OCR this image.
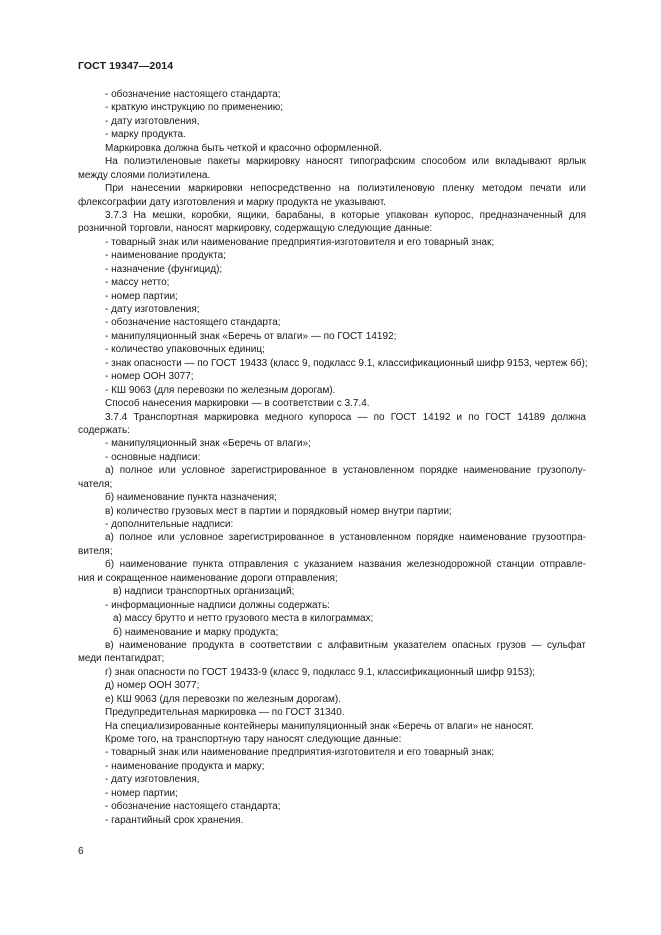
ГОСТ 19347—2014
- обозначение настоящего стандарта;
- краткую инструкцию по применению;
- дату изготовления,
- марку продукта.
Маркировка должна быть четкой и красочно оформленной.
На полиэтиленовые пакеты маркировку наносят типографским способом или вкладывают ярлык
между слоями полиэтилена.
При нанесении маркировки непосредственно на полиэтиленовую пленку методом печати или
флексографии дату изготовления и марку продукта не указывают.
3.7.3 На мешки, коробки, ящики, барабаны, в которые упакован купорос, предназначенный для
розничной торговли, наносят маркировку, содержащую следующие данные:
- товарный знак или наименование предприятия-изготовителя и его товарный знак;
- наименование продукта;
- назначение (фунгицид);
- массу нетто;
- номер партии;
- дату изготовления;
- обозначение настоящего стандарта;
- манипуляционный знак «Беречь от влаги» — по ГОСТ 14192;
- количество упаковочных единиц;
- знак опасности — по ГОСТ 19433 (класс 9, подкласс 9.1, классификационный шифр 9153, чертеж 6б);
- номер ООН 3077;
- КШ 9063 (для перевозки по железным дорогам).
Способ нанесения маркировки — в соответствии с 3.7.4.
3.7.4 Транспортная маркировка медного купороса — по ГОСТ 14192 и по ГОСТ 14189 должна
содержать:
- манипуляционный знак «Беречь от влаги»;
- основные надписи:
а) полное или условное зарегистрированное в установленном порядке наименование грузополу-
чателя;
б) наименование пункта назначения;
в) количество грузовых мест в партии и порядковый номер внутри партии;
- дополнительные надписи:
а) полное или условное зарегистрированное в установленном порядке наименование грузоотпра-
вителя;
б) наименование пункта отправления с указанием названия железнодорожной станции отправле-
ния и сокращенное наименование дороги отправления;
в) надписи транспортных организаций;
- информационные надписи должны содержать:
а) массу брутто и нетто грузового места в килограммах;
б) наименование и марку продукта;
в) наименование продукта в соответствии с алфавитным указателем опасных грузов — сульфат
меди пентагидрат;
г) знак опасности по ГОСТ 19433-9 (класс 9, подкласс 9.1, классификационный шифр 9153);
д) номер ООН 3077;
е) КШ 9063 (для перевозки по железным дорогам).
Предупредительная маркировка — по ГОСТ 31340.
На специализированные контейнеры манипуляционный знак «Беречь от влаги» не наносят.
Кроме того, на транспортную тару наносят следующие данные:
- товарный знак или наименование предприятия-изготовителя и его товарный знак;
- наименование продукта и марку;
- дату изготовления,
- номер партии;
- обозначение настоящего стандарта;
- гарантийный срок хранения.
6
